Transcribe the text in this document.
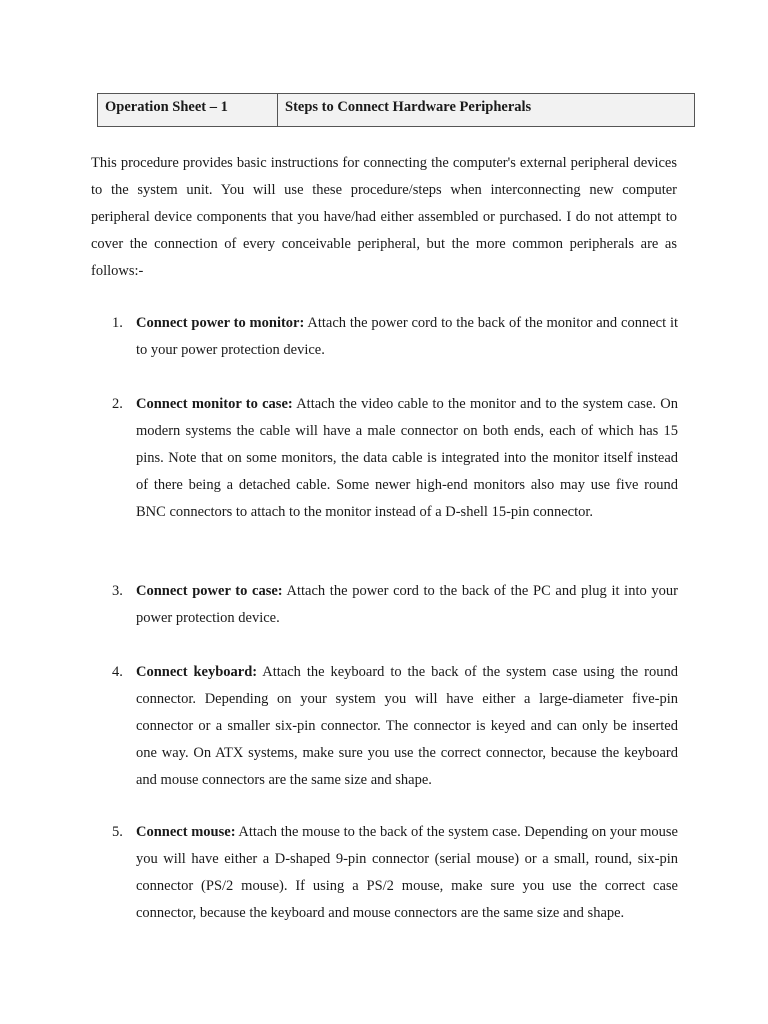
Operation Sheet – 1	Steps to Connect Hardware Peripherals

This procedure provides basic instructions for connecting the computer's external peripheral devices to the system unit. You will use these procedure/steps when interconnecting new computer peripheral device components that you have/had either assembled or purchased. I do not attempt to cover the connection of every conceivable peripheral, but the more common peripherals are as follows:-

1. Connect power to monitor: Attach the power cord to the back of the monitor and connect it to your power protection device.
2. Connect monitor to case: Attach the video cable to the monitor and to the system case. On modern systems the cable will have a male connector on both ends, each of which has 15 pins. Note that on some monitors, the data cable is integrated into the monitor itself instead of there being a detached cable. Some newer high-end monitors also may use five round BNC connectors to attach to the monitor instead of a D-shell 15-pin connector.
3. Connect power to case: Attach the power cord to the back of the PC and plug it into your power protection device.
4. Connect keyboard: Attach the keyboard to the back of the system case using the round connector. Depending on your system you will have either a large-diameter five-pin connector or a smaller six-pin connector. The connector is keyed and can only be inserted one way. On ATX systems, make sure you use the correct connector, because the keyboard and mouse connectors are the same size and shape.
5. Connect mouse: Attach the mouse to the back of the system case. Depending on your mouse you will have either a D-shaped 9-pin connector (serial mouse) or a small, round, six-pin connector (PS/2 mouse). If using a PS/2 mouse, make sure you use the correct case connector, because the keyboard and mouse connectors are the same size and shape.
